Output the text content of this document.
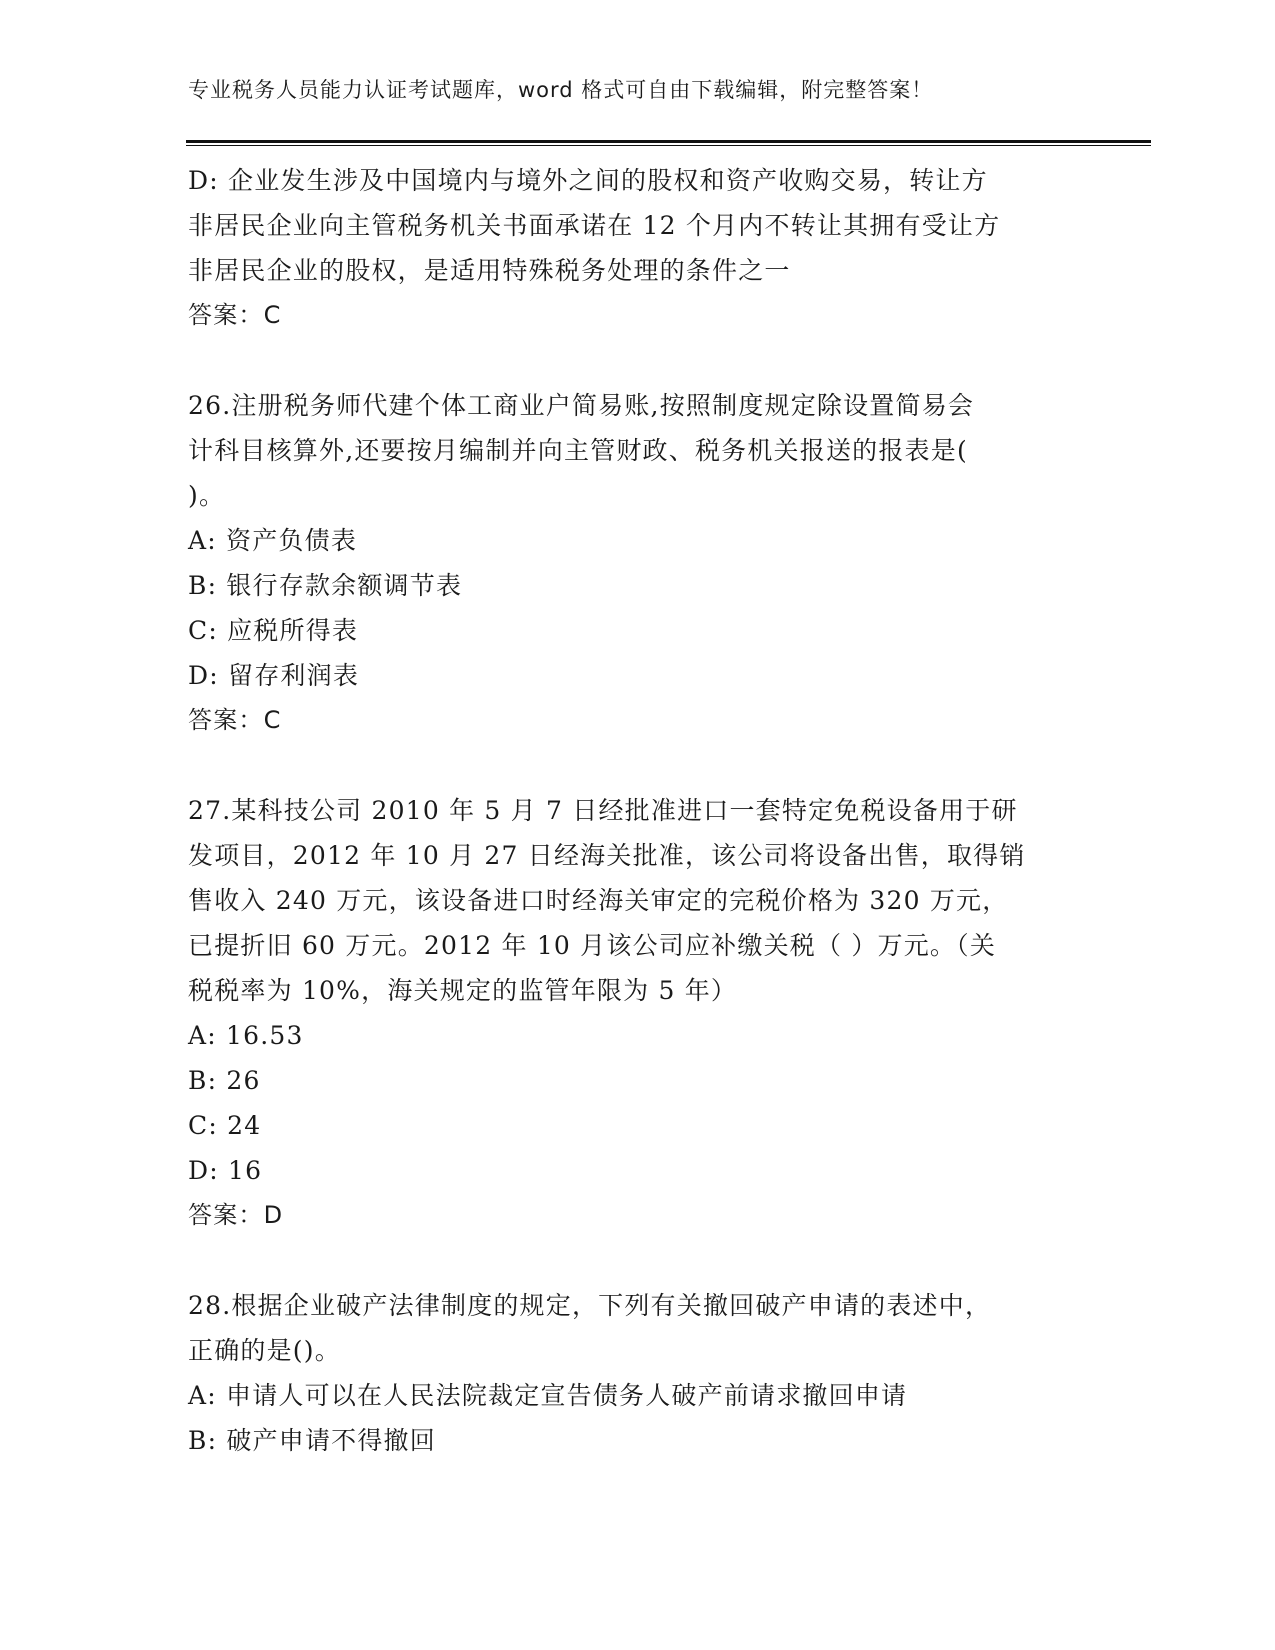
专业税务人员能力认证考试题库，word 格式可自由下载编辑，附完整答案！
D: 企业发生涉及中国境内与境外之间的股权和资产收购交易，转让方
非居民企业向主管税务机关书面承诺在 12 个月内不转让其拥有受让方
非居民企业的股权，是适用特殊税务处理的条件之一
答案：C
26.注册税务师代建个体工商业户简易账,按照制度规定除设置简易会
计科目核算外,还要按月编制并向主管财政、税务机关报送的报表是(
)。
A: 资产负债表
B: 银行存款余额调节表
C: 应税所得表
D: 留存利润表
答案：C
27.某科技公司 2010 年 5 月 7 日经批准进口一套特定免税设备用于研
发项目，2012 年 10 月 27 日经海关批准，该公司将设备出售，取得销
售收入 240 万元，该设备进口时经海关审定的完税价格为 320 万元，
已提折旧 60 万元。2012 年 10 月该公司应补缴关税（ ）万元。（关
税税率为 10%，海关规定的监管年限为 5 年）
A: 16.53
B: 26
C: 24
D: 16
答案：D
28.根据企业破产法律制度的规定，下列有关撤回破产申请的表述中，
正确的是()。
A: 申请人可以在人民法院裁定宣告债务人破产前请求撤回申请
B: 破产申请不得撤回
